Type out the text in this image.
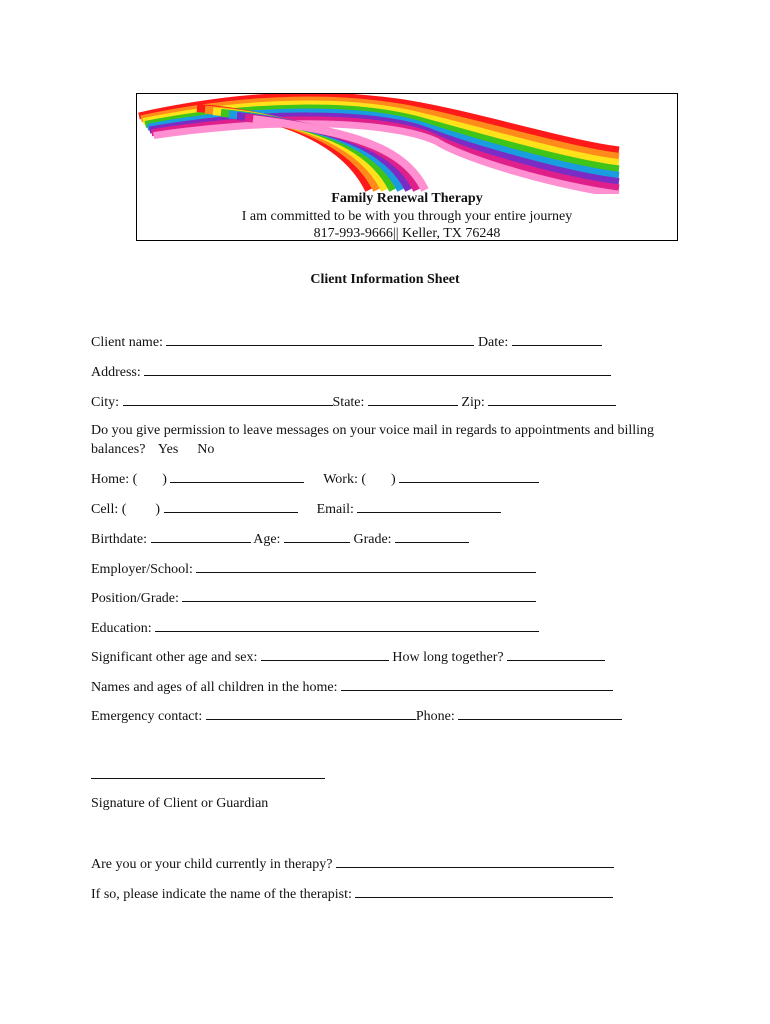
Family Renewal Therapy
I am committed to be with you through your entire journey
817-993-9666|| Keller, TX 76248
Client Information Sheet
Client name:	Date:
Address:
City:	State:	Zip:
Do you give permission to leave messages on your voice mail in regards to appointments and billing balances? Yes No
Home: ( )	Work: ( )
Cell: ( )	Email:
Birthdate:	Age:	Grade:
Employer/School:
Position/Grade:
Education:
Significant other age and sex:	How long together?
Names and ages of all children in the home:
Emergency contact:	Phone:
Signature of Client or Guardian
Are you or your child currently in therapy?
If so, please indicate the name of the therapist:
